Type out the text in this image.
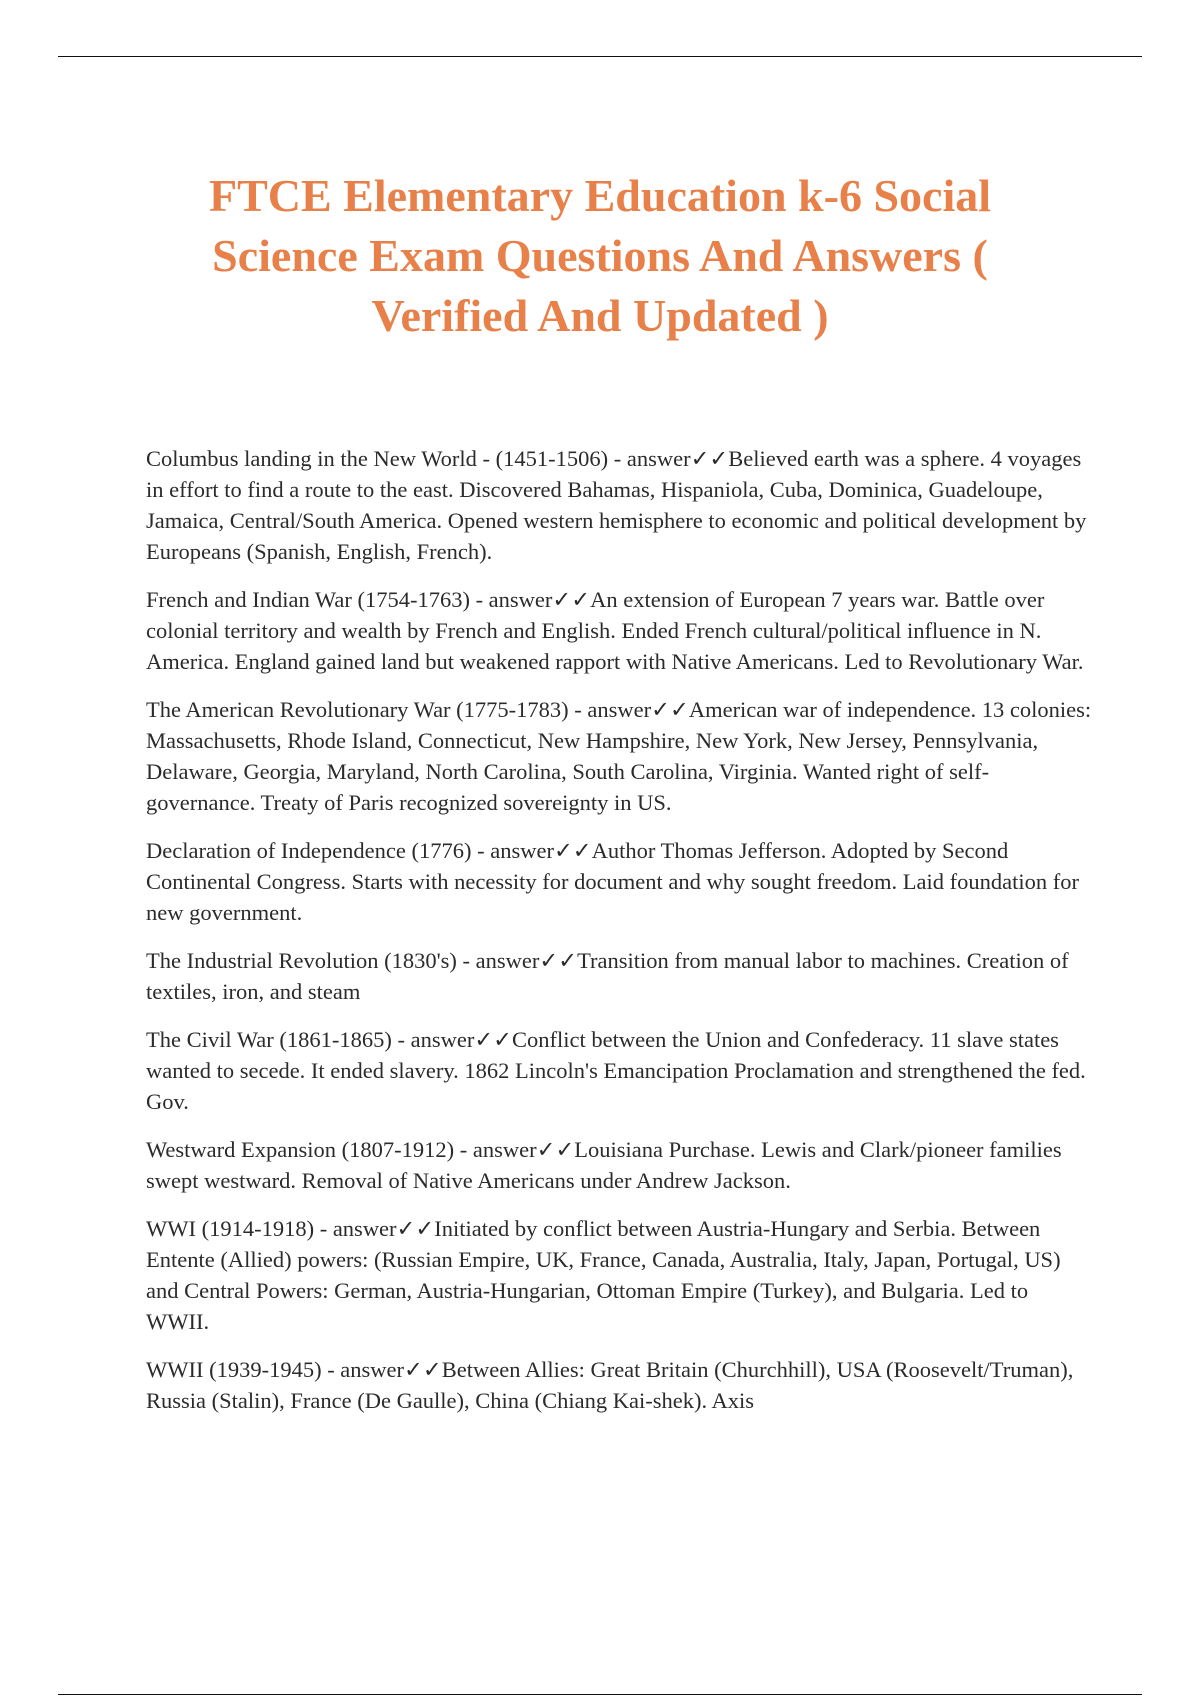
FTCE Elementary Education k-6 Social Science Exam Questions And Answers ( Verified And Updated )

Columbus landing in the New World - (1451-1506) - answer✓✓Believed earth was a sphere. 4 voyages in effort to find a route to the east. Discovered Bahamas, Hispaniola, Cuba, Dominica, Guadeloupe, Jamaica, Central/South America. Opened western hemisphere to economic and political development by Europeans (Spanish, English, French).

French and Indian War (1754-1763) - answer✓✓An extension of European 7 years war. Battle over colonial territory and wealth by French and English. Ended French cultural/political influence in N. America. England gained land but weakened rapport with Native Americans. Led to Revolutionary War.

The American Revolutionary War (1775-1783) - answer✓✓American war of independence. 13 colonies: Massachusetts, Rhode Island, Connecticut, New Hampshire, New York, New Jersey, Pennsylvania, Delaware, Georgia, Maryland, North Carolina, South Carolina, Virginia. Wanted right of self-governance. Treaty of Paris recognized sovereignty in US.

Declaration of Independence (1776) - answer✓✓Author Thomas Jefferson. Adopted by Second Continental Congress. Starts with necessity for document and why sought freedom. Laid foundation for new government.

The Industrial Revolution (1830's) - answer✓✓Transition from manual labor to machines. Creation of textiles, iron, and steam

The Civil War (1861-1865) - answer✓✓Conflict between the Union and Confederacy. 11 slave states wanted to secede. It ended slavery. 1862 Lincoln's Emancipation Proclamation and strengthened the fed. Gov.

Westward Expansion (1807-1912) - answer✓✓Louisiana Purchase. Lewis and Clark/pioneer families swept westward. Removal of Native Americans under Andrew Jackson.

WWI (1914-1918) - answer✓✓Initiated by conflict between Austria-Hungary and Serbia. Between Entente (Allied) powers: (Russian Empire, UK, France, Canada, Australia, Italy, Japan, Portugal, US) and Central Powers: German, Austria-Hungarian, Ottoman Empire (Turkey), and Bulgaria. Led to WWII.

WWII (1939-1945) - answer✓✓Between Allies: Great Britain (Churchhill), USA (Roosevelt/Truman), Russia (Stalin), France (De Gaulle), China (Chiang Kai-shek). Axis
